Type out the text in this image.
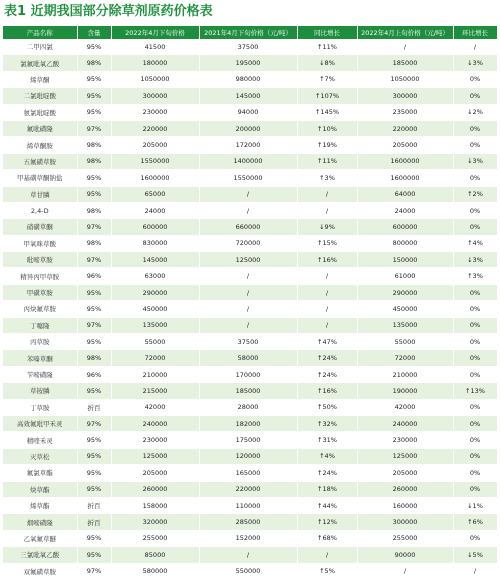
表1 近期我国部分除草剂原药价格表
产品名称	含量	2022年4月下旬价格	2021年4月下旬价格（元/吨）	同比增长	2022年4月上旬价格（元/吨）	环比增长
二甲四氯	95%	41500	37500	↑11%	/	/
氯氟吡氧乙酸	98%	180000	195000	↓8%	185000	↓3%
烯草酮	95%	1050000	980000	↑7%	1050000	0%
二氯吡啶酸	95%	300000	145000	↑107%	300000	0%
氨氯吡啶酸	95%	230000	94000	↑145%	235000	↓2%
氟吡磺隆	97%	220000	200000	↑10%	220000	0%
烯草酮胺	98%	205000	172000	↑19%	205000	0%
五氟磺草胺	98%	1550000	1400000	↑11%	1600000	↓3%
甲基磺草酮钠盐	95%	1600000	1550000	↑3%	1600000	0%
草甘膦	95%	65000	/	/	64000	↑2%
2,4-D	98%	24000	/	/	24000	0%
硝磺草酮	97%	600000	660000	↓9%	600000	0%
甲氧咪草酸	98%	830000	720000	↑15%	800000	↑4%
吡嘧草胺	97%	145000	125000	↑16%	150000	↓3%
精异丙甲草胺	96%	63000	/	/	61000	↑3%
甲磺草胺	95%	290000	/	/	290000	0%
丙炔氟草胺	95%	450000	/	/	450000	0%
丁噻隆	97%	135000	/	/	135000	0%
丙草胺	95%	55000	37500	↑47%	55000	0%
苯嗪草酮	98%	72000	58000	↑24%	72000	0%
苄嘧磺隆	96%	210000	170000	↑24%	210000	0%
草铵膦	95%	215000	185000	↑16%	190000	↑13%
丁草胺	折百	42000	28000	↑50%	42000	0%
高效氟吡甲禾灵	97%	240000	182000	↑32%	240000	0%
精喹禾灵	95%	230000	175000	↑31%	230000	0%
灭草松	95%	125000	120000	↑4%	125000	0%
氟氯草酯	95%	205000	165000	↑24%	205000	0%
炔草酯	95%	260000	220000	↑18%	260000	0%
烯草酯	折百	158000	110000	↑44%	160000	↓1%
烟嘧磺隆	折百	320000	285000	↑12%	300000	↑6%
乙氧氟草醚	95%	255000	152000	↑68%	255000	0%
三氯吡氧乙酸	95%	85000	/	/	90000	↓5%
双氟磺草胺	97%	580000	550000	↑5%	/	/
